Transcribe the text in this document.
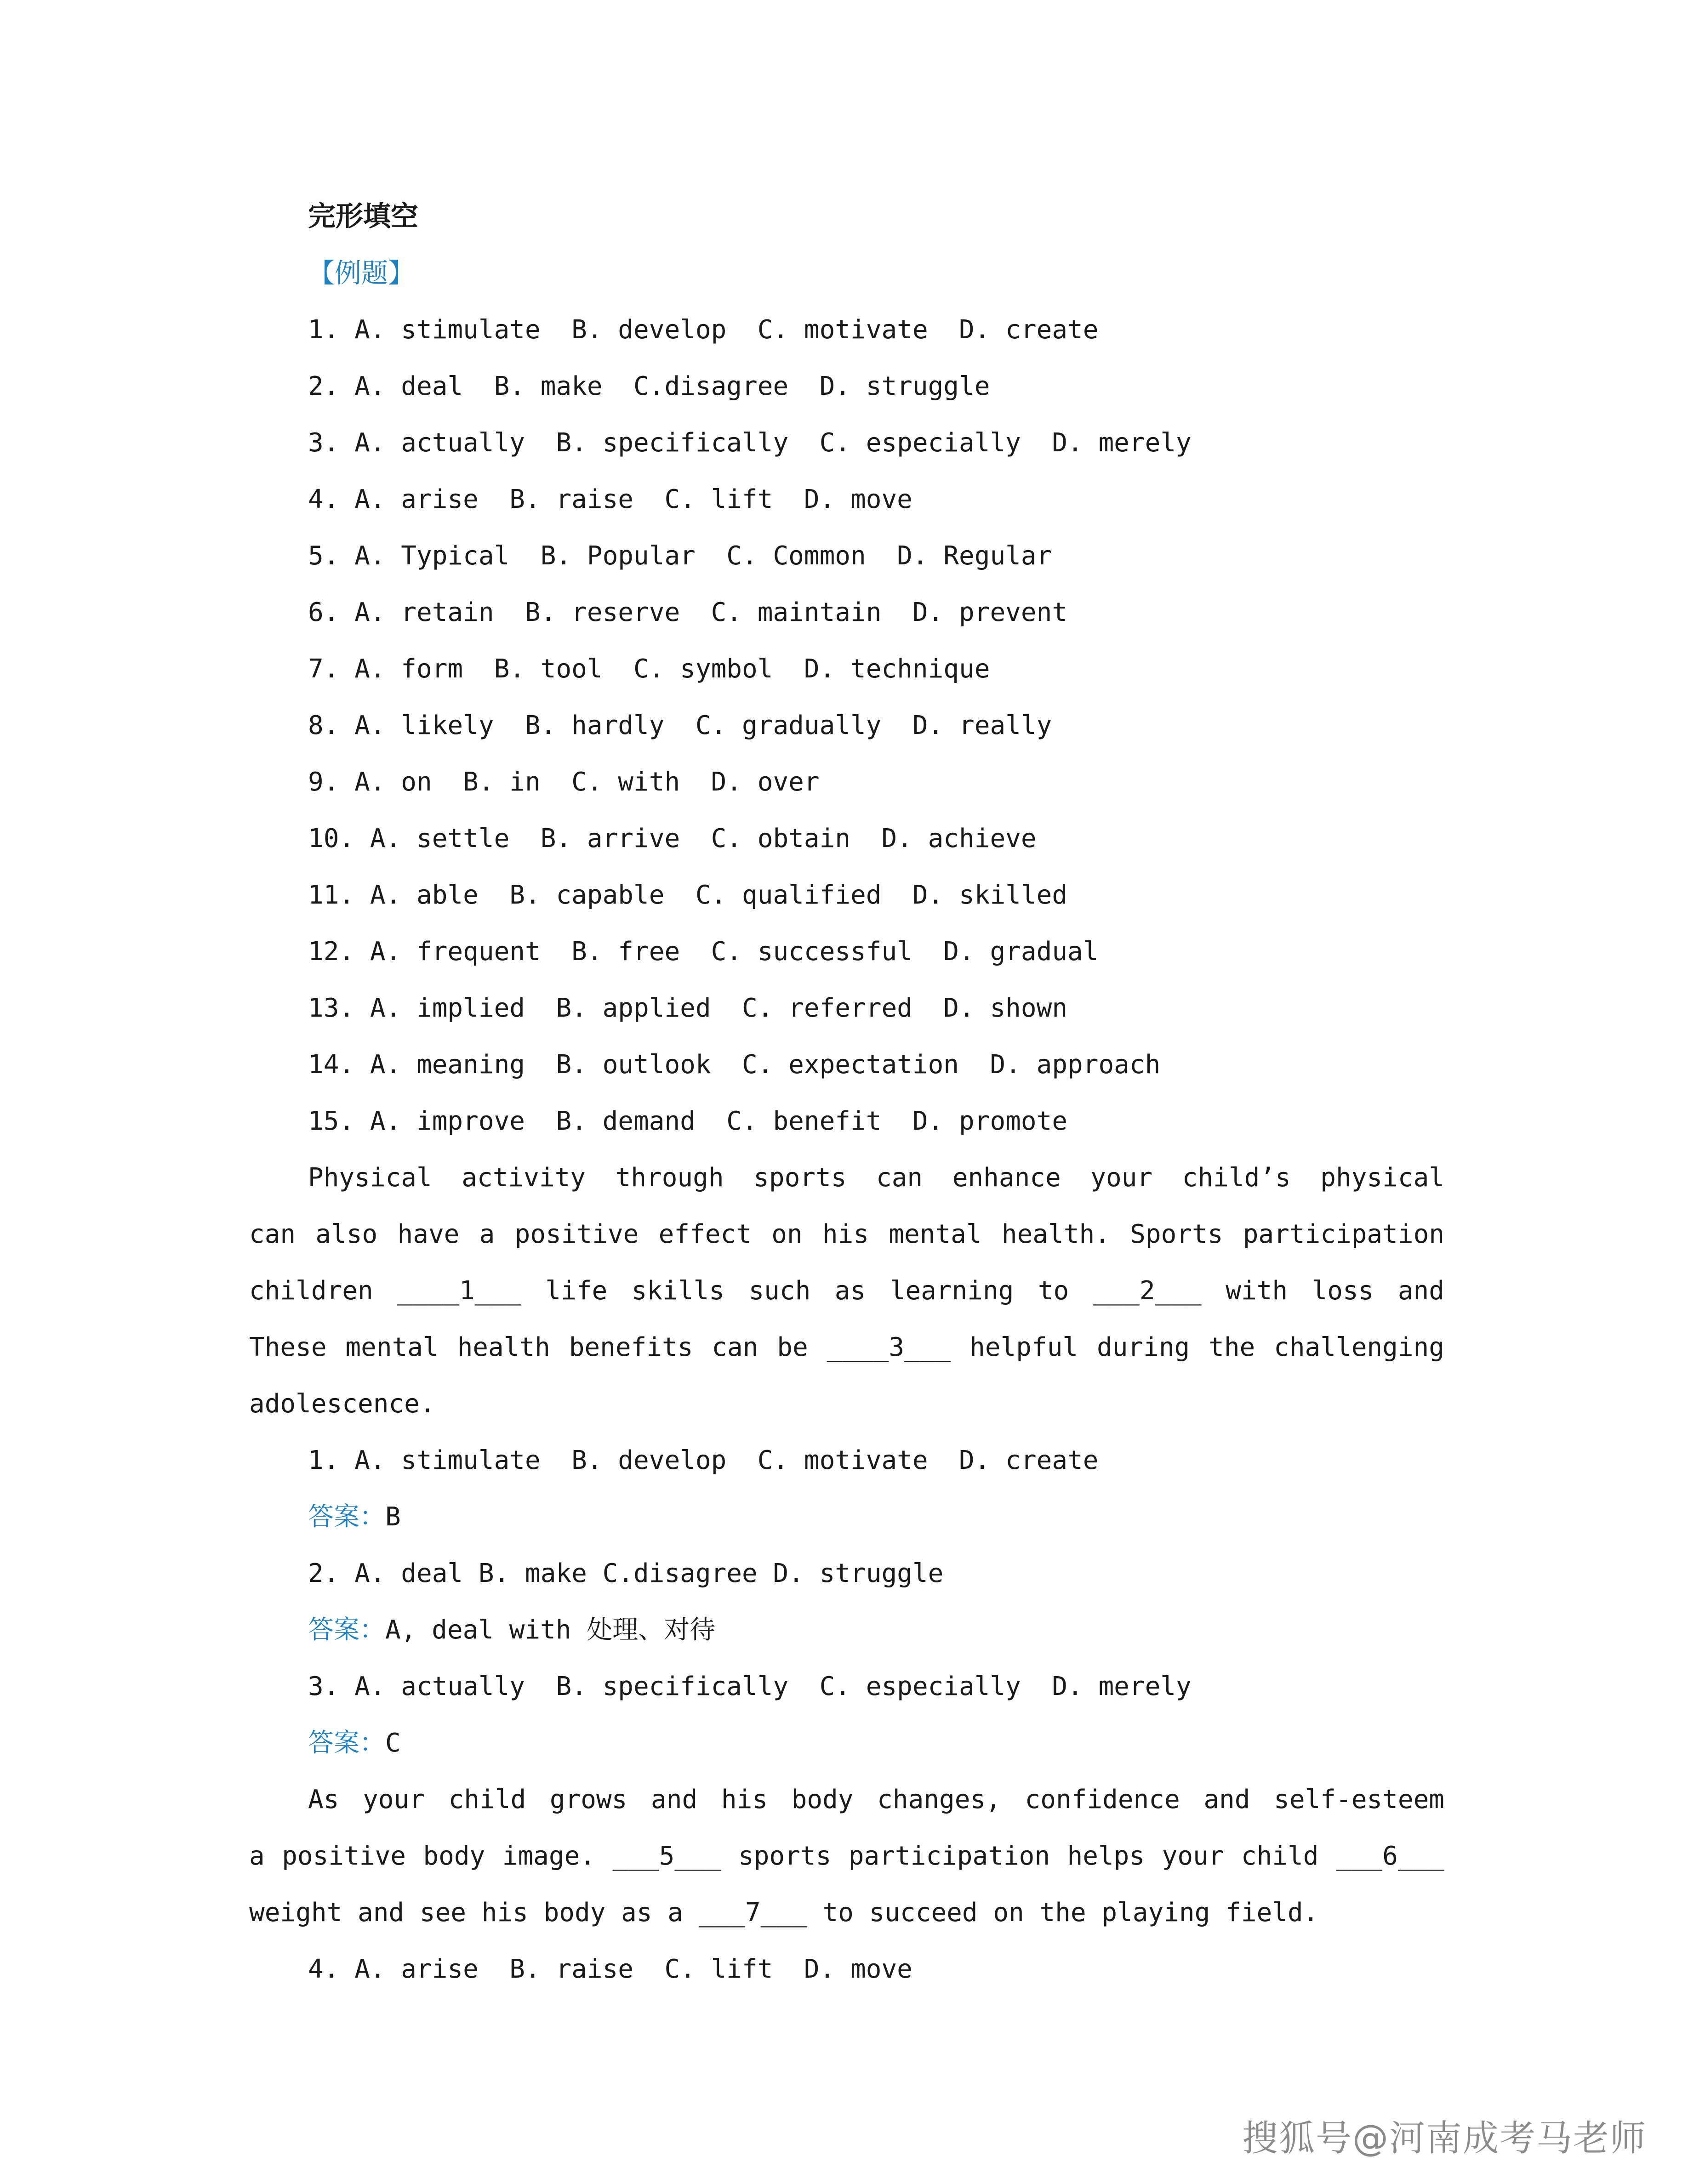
完形填空
【例题】
1. A. stimulate  B. develop  C. motivate  D. create
2. A. deal  B. make  C.disagree  D. struggle
3. A. actually  B. specifically  C. especially  D. merely
4. A. arise  B. raise  C. lift  D. move
5. A. Typical  B. Popular  C. Common  D. Regular
6. A. retain  B. reserve  C. maintain  D. prevent
7. A. form  B. tool  C. symbol  D. technique
8. A. likely  B. hardly  C. gradually  D. really
9. A. on  B. in  C. with  D. over
10. A. settle  B. arrive  C. obtain  D. achieve
11. A. able  B. capable  C. qualified  D. skilled
12. A. frequent  B. free  C. successful  D. gradual
13. A. implied  B. applied  C. referred  D. shown
14. A. meaning  B. outlook  C. expectation  D. approach
15. A. improve  B. demand  C. benefit  D. promote
Physical activity through sports can enhance your child’s physical
can also have a positive effect on his mental health. Sports participation
children ____1___ life skills such as learning to ___2___ with loss and
These mental health benefits can be ____3___ helpful during the challenging
adolescence.
1. A. stimulate  B. develop  C. motivate  D. create
答案：B
2. A. deal B. make C.disagree D. struggle
答案：A, deal with 处理、对待
3. A. actually  B. specifically  C. especially  D. merely
答案：C
As your child grows and his body changes, confidence and self-esteem
a positive body image. ___5___ sports participation helps your child ___6___
weight and see his body as a ___7___ to succeed on the playing field.
4. A. arise  B. raise  C. lift  D. move
搜狐号@河南成考马老师
